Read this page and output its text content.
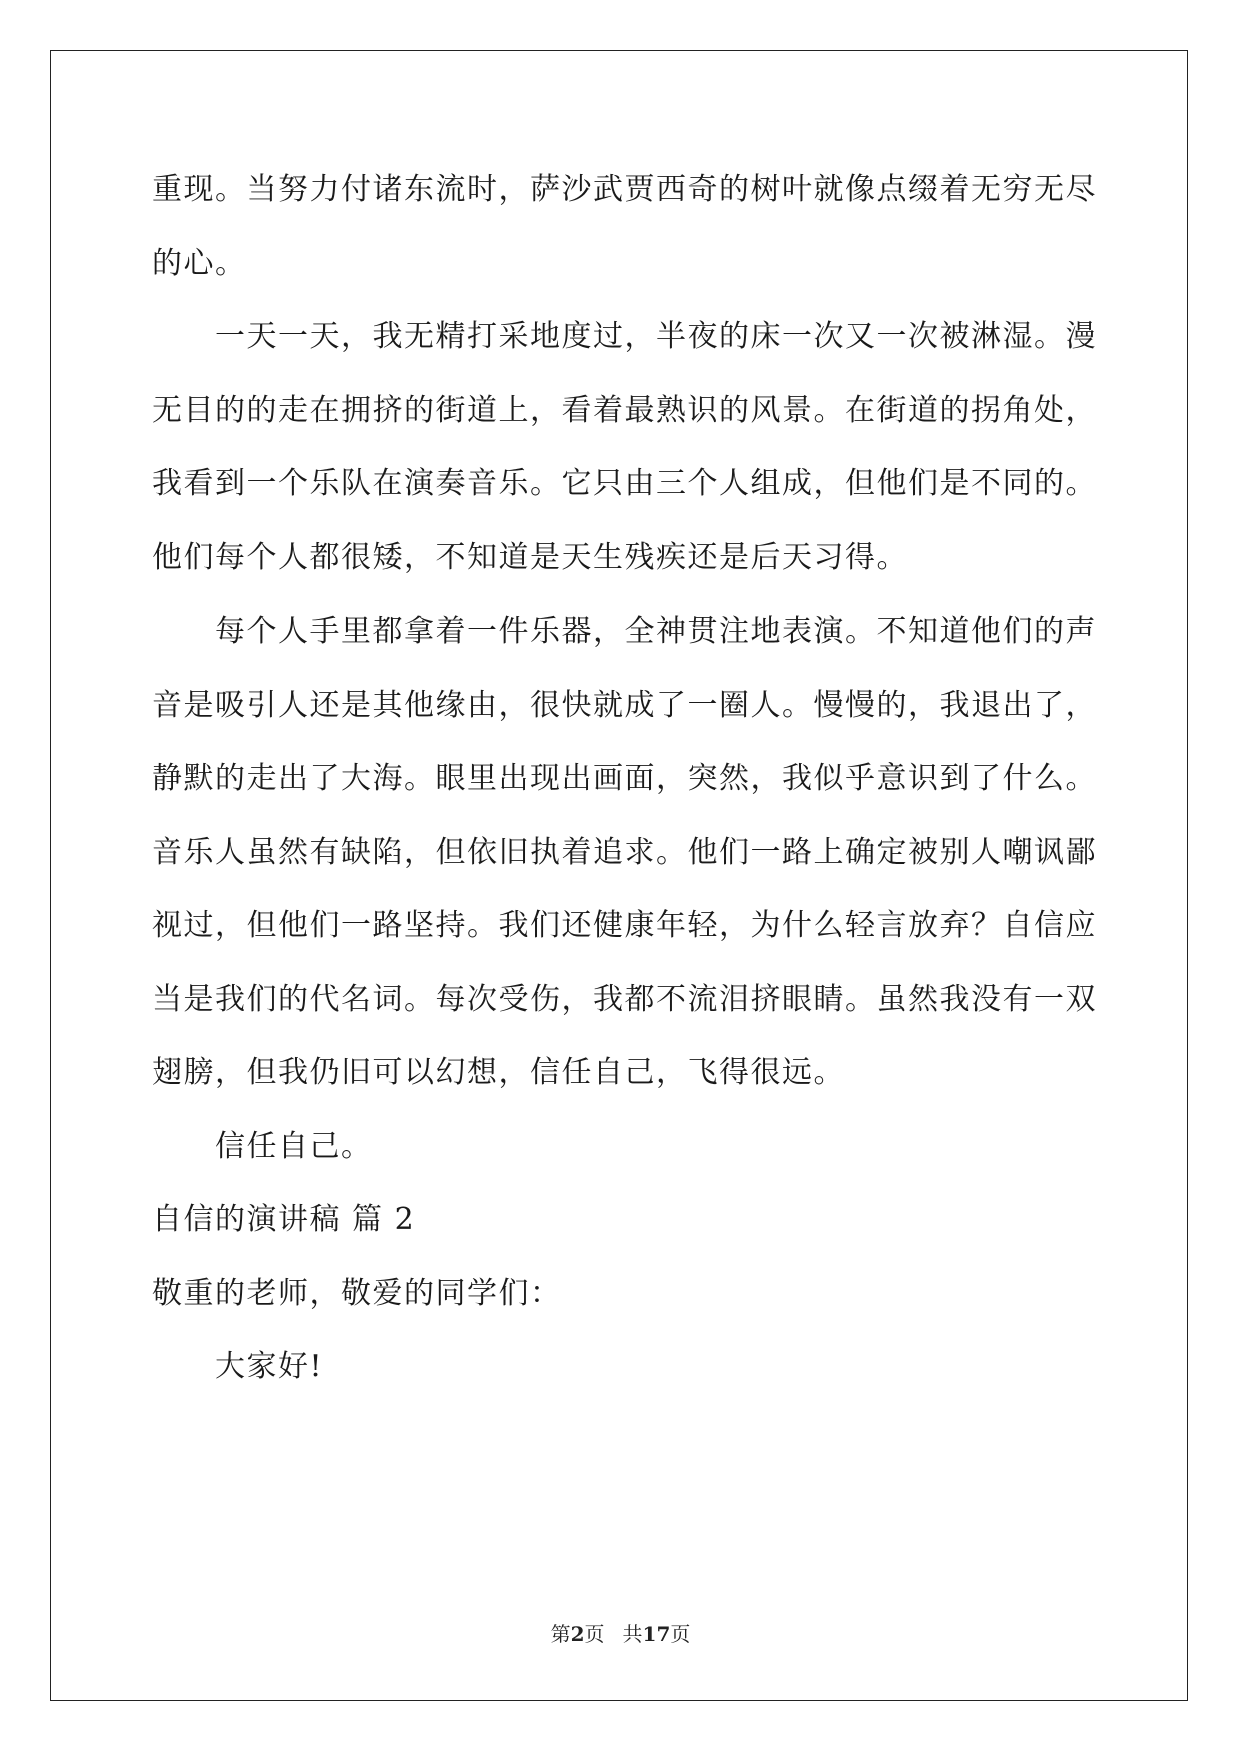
重现。当努力付诸东流时，萨沙武贾西奇的树叶就像点缀着无穷无尽
的心。
一天一天，我无精打采地度过，半夜的床一次又一次被淋湿。漫
无目的的走在拥挤的街道上，看着最熟识的风景。在街道的拐角处，
我看到一个乐队在演奏音乐。它只由三个人组成，但他们是不同的。
他们每个人都很矮，不知道是天生残疾还是后天习得。
每个人手里都拿着一件乐器，全神贯注地表演。不知道他们的声
音是吸引人还是其他缘由，很快就成了一圈人。慢慢的，我退出了，
静默的走出了大海。眼里出现出画面，突然，我似乎意识到了什么。
音乐人虽然有缺陷，但依旧执着追求。他们一路上确定被别人嘲讽鄙
视过，但他们一路坚持。我们还健康年轻，为什么轻言放弃？自信应
当是我们的代名词。每次受伤，我都不流泪挤眼睛。虽然我没有一双
翅膀，但我仍旧可以幻想，信任自己，飞得很远。
信任自己。
自信的演讲稿 篇 2
敬重的老师，敬爱的同学们：
大家好!
第2页 共17页
